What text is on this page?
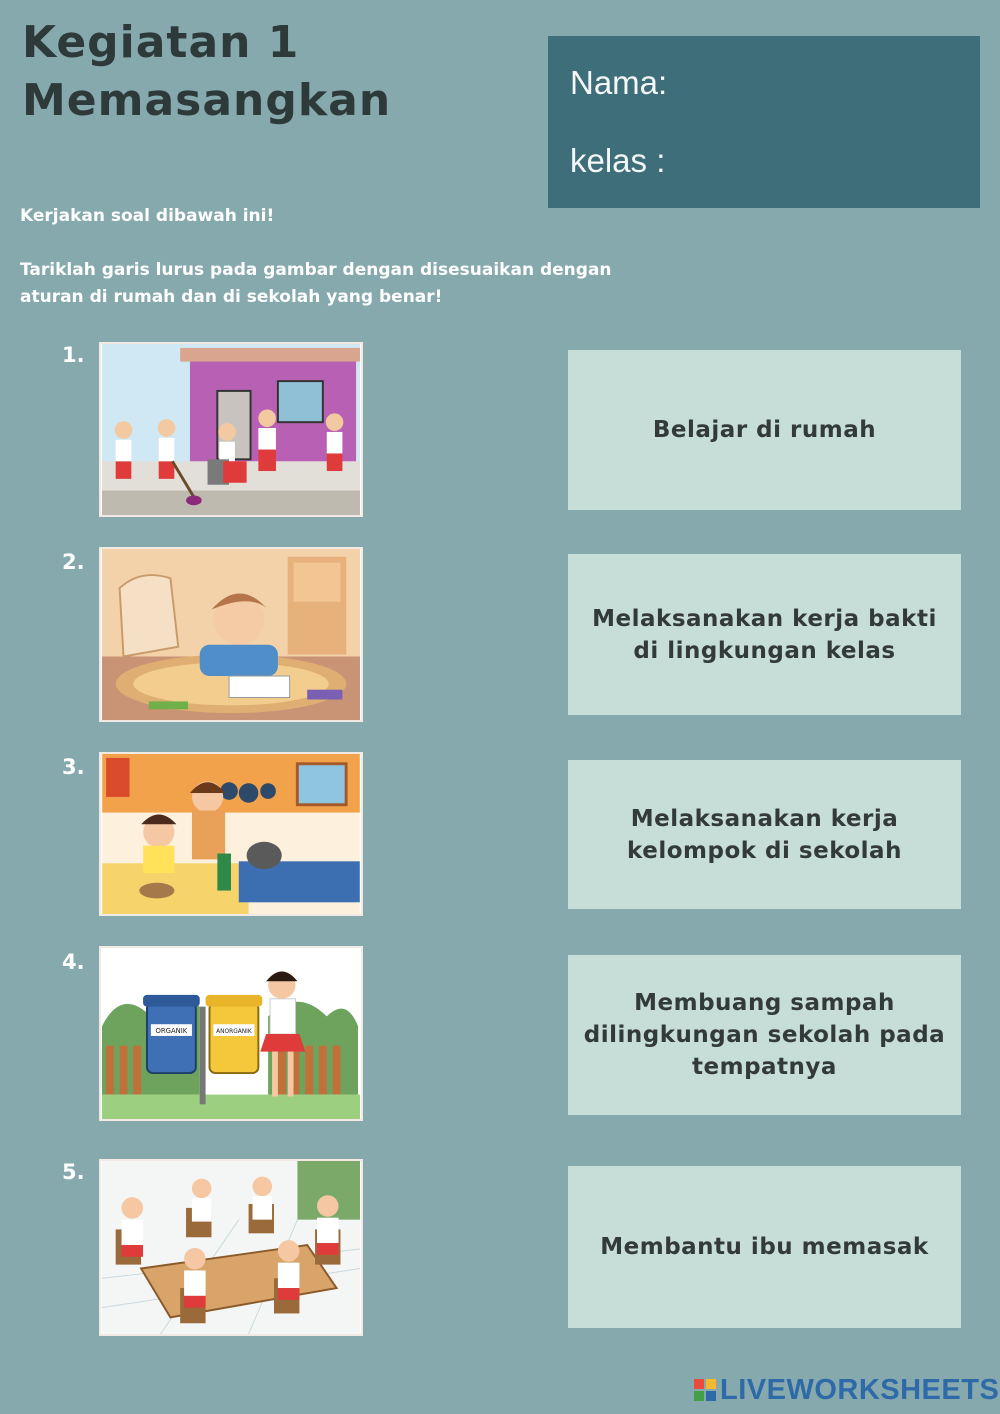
Kegiatan 1
Memasangkan	Nama:
kelas :
Kerjakan soal dibawah ini!
Tariklah garis lurus pada gambar dengan disesuaikan dengan
aturan di rumah dan di sekolah yang benar!
1.
2.
3.
4.
5.
ORGANIK	ANORGANIK
Belajar di rumah
Melaksanakan kerja bakti
di lingkungan kelas
Melaksanakan kerja
kelompok di sekolah
Membuang sampah
dilingkungan sekolah pada
tempatnya
Membantu ibu memasak
LIVEWORKSHEETS
